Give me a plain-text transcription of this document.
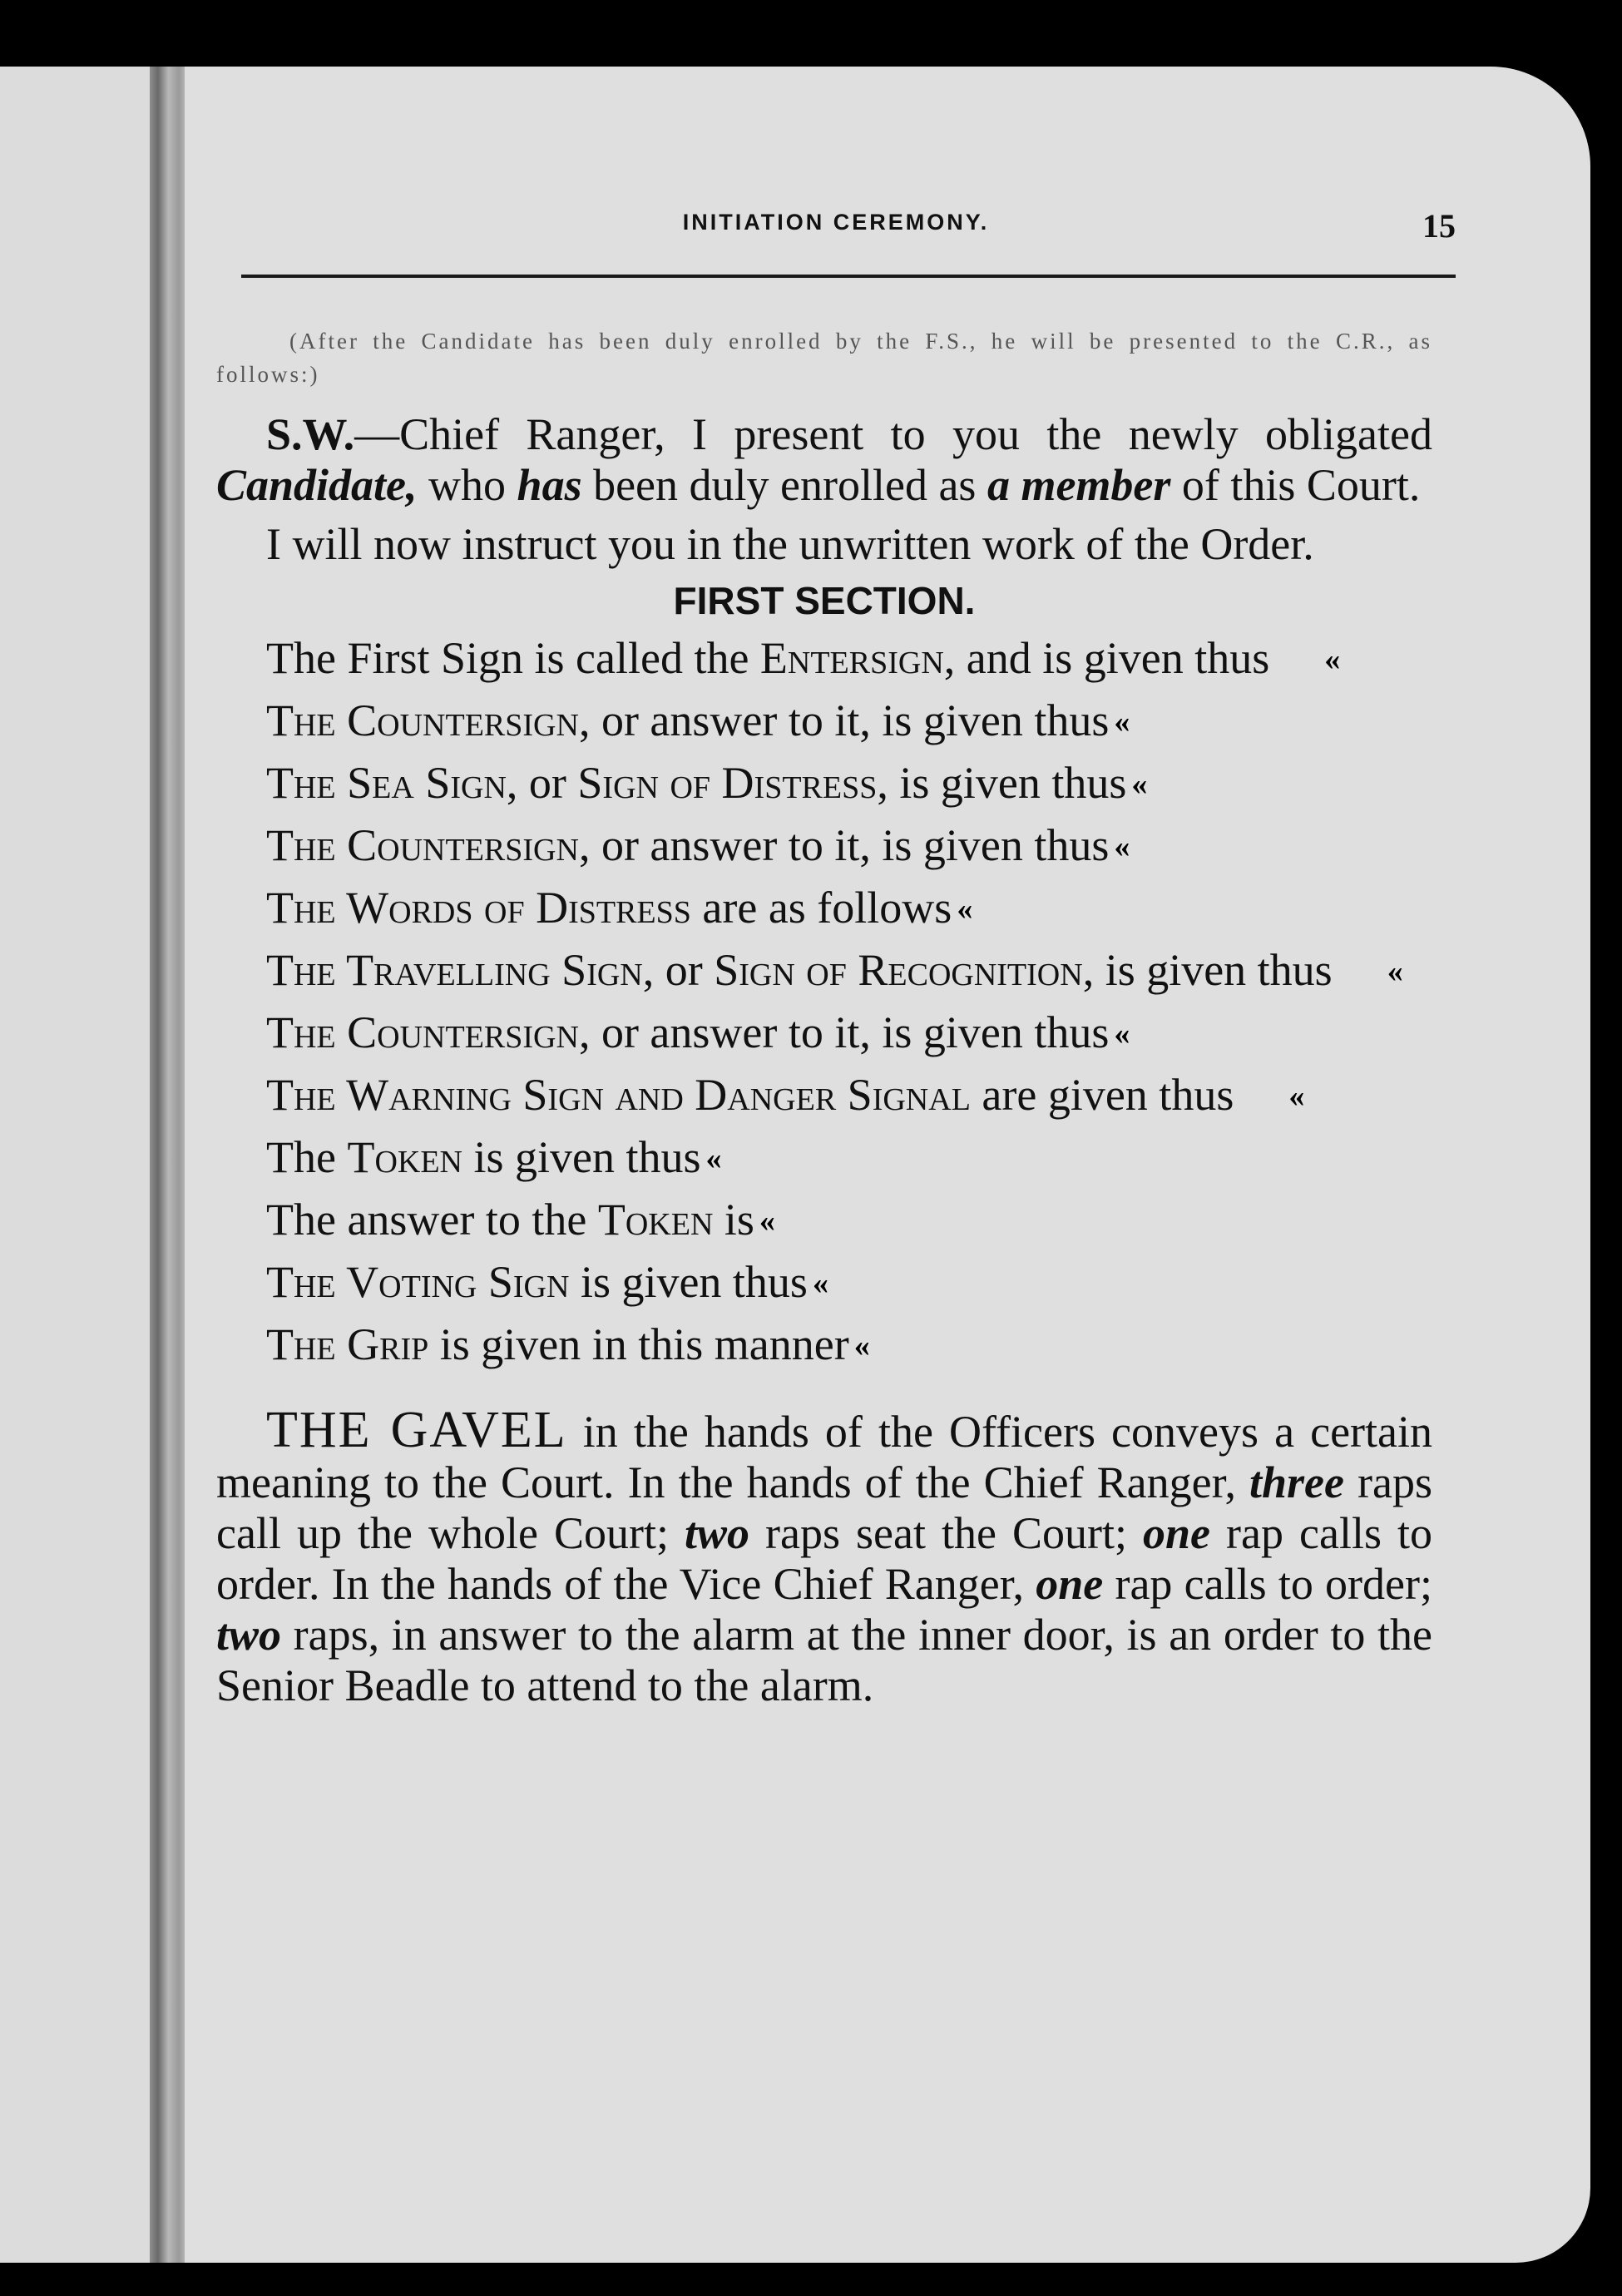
INITIATION CEREMONY.	15

(After the Candidate has been duly enrolled by the F.S., he will be presented to the C.R., as follows:)

S.W.—Chief Ranger, I present to you the newly obligated Candidate, who has been duly enrolled as a member of this Court.

I will now instruct you in the unwritten work of the Order.

FIRST SECTION.
The First Sign is called the Entersign, and is given thus «
The Countersign, or answer to it, is given thus «
The Sea Sign, or Sign of Distress, is given thus «
The Countersign, or answer to it, is given thus «
The Words of Distress are as follows «
The Travelling Sign, or Sign of Recognition, is given thus «
The Countersign, or answer to it, is given thus «
The Warning Sign and Danger Signal are given thus «
The Token is given thus «
The answer to the Token is «
The Voting Sign is given thus «
The Grip is given in this manner «

THE GAVEL in the hands of the Officers conveys a certain meaning to the Court. In the hands of the Chief Ranger, three raps call up the whole Court; two raps seat the Court; one rap calls to order. In the hands of the Vice Chief Ranger, one rap calls to order; two raps, in answer to the alarm at the inner door, is an order to the Senior Beadle to attend to the alarm.
